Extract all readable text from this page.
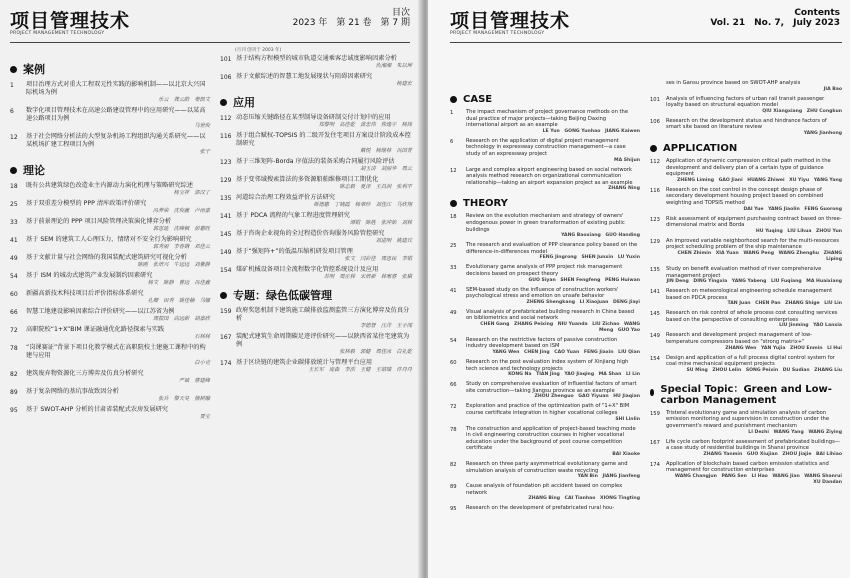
项目管理技术
PROJECT MANAGEMENT TECHNOLOGY
目次
2023 年　第 21 卷　第 7 期
(月刊 创刊于 2003 年)
案例
1	项目治理方式对重大工程双元性实践的影响机制——以北京大兴国际机场为例
乐云　龚云皓　姜凯文
6	数字化项目管理技术在高速公路建设管理中的应用研究——以某高速公路项目为例
马世俊
12	基于社会网络分析法的大型复杂机场工程组织沟通关系研究——以某机场扩建工程项目为例
张宁
理论
18	既有公共建筑绿色改造业主内源动力演化机理与策略研究综述
杨宝祥　郭汉丁
25	基于双重差分模型的 PPP 清库政策评价研究
冯养荣　沈俊鑫　卢雨嘉
33	基于前景理论的 PPP 项目风险管理决策演化博弈分析
郭思延　沈峰枫　彭惠旺
41	基于 SEM 的建筑工人心理压力、情绪对不安全行为影响研究
郭秀丽　李春娥　邓佳云
49	基于文献计量与社会网络的我国装配式建筑研究可视化分析
陈刚　张培兴　牛远远　刘紫静
54	基于 ISM 的城动式建筑产业发展制约因素研究
杨文　陈静　曹远　冯佳鑫
60	新疆高新技术科技项目后评价指标体系研究
孔卿　田秀　姚佳楠　马娜
66	智慧工地建设影响因素综合评价研究——以江苏省为例
周振国　高远新　胡嘉欣
72	高职院校“1+X”BIM 课证融通优化路径探索与实践
石林林
78	“岗课赛证”背景下项目化教学模式在高职院校土建施工课程中的构建与应用
白小克
82	建筑废弃物资源化三方博弈及仿真分析研究
严斌　蔡建峰
89	基于复杂网络的基坑事故致因分析
张兵　黎天昊　熊树融
95	基于 SWOT-AHP 分析的甘肃省装配式农房发展研究
贾宝
101 基于结构方程模型的城市轨道交通乘客忠诚度影响因素分析
仇湘湘　朱以坤
106 基于文献综述的智慧工地发展现状与阻碍因素研究
杨建宏
应用
112 动态压缩关键路径在某型制导设备研制交付计划中的应用
郑黎明　高佳乾　黄忠伟　徐逸宇　杨扬
116 基于组合赋权-TOPSIS 的二级开发住宅项目方案设计阶段成本控制研究
戴悦　杨继林　冯国菁
123 基于三维矩阵-Borda 序值法的装备采购合同履行风险评估
胡玉清　刘丽华　周云
129 基于变邻域搜索算法的多资源船舶维修项目工期优化
陈志毅　夏泽　王昌润　张利平
135 河道综合治理工程效益评价方法研究
斯德惠　丁晓霞　杨翠珍　刘佳江　马欣翔
141 基于 PDCA 流程的气象工程进度管理研究
谭娟　陈胜　张冲焰　刘林
145 基于咨询企业视角的全过程造价咨询服务风险管控研究
刘进明　姚建宾
149 基于“强矩阵+”的低温压缩机研发项目管理
张文　闫彩佳　周思民　李娟
154 煤矿机械设备项目全流程数字化管控系统设计及应用
苏明　周正林　宋培新　林寒睿　张棋
专题：绿色低碳管理
159 政府奖惩机制下建筑施工碳排放监测监管三方演化博弈及仿真分析
李德智　汪洋　王子闻
167 装配式建筑生命周期碳足迹评价研究——以陕西省某住宅建筑为例
张林毅　郭健　周佳冰　白礼乾
174 基于区块链的建筑企业碳排放统计与管理平台应用
王长军　庞森　李浩　王健　王婧瑞　许丹丹
项目管理技术
PROJECT MANAGEMENT TECHNOLOGY
Contents
Vol. 21　No. 7,　July 2023
CASE
1	The impact mechanism of project governance methods on the dual practice of major projects—taking Beijing Daxing international airport as an example
LE Yun　GONG Yunhao　JIANG Kaiwen
6	Research on the application of digital project management technology in expressway construction management—a case study of an expressway project
MA Shijun
12	Large and complex airport engineering based on social network analysis method research on organizational communication relationship—taking an airport expansion project as an example
ZHANG Ning
THEORY
18	Review on the evolution mechanism and strategy of owners' endogenous power in green transformation of existing public buildings
YANG Baoxiang　GUO Handing
25	The research and evaluation of PPP clearance policy based on the difference-in-differences model
FENG Jingrong　SHEN Junxin　LU Yuxin
33	Evolutionary game analysis of PPP project risk management decisions based on prospect theory
GUO Siyan　SHEN Fengfeng　PENG Huiwan
41	SEM-based study on the influence of construction workers' psychological stress and emotion on unsafe behavior
ZHENG Shengkang　LI Xiaojuan　DENG Jiayi
49	Visual analysis of prefabricated building research in China based on bibliometrics and social network
CHEN Gang　ZHANG Peixing　NIU Yuanda　LIU Zichao　WANG Meng　GUO Yao
54	Research on the restrictive factors of passive construction industry development based on ISM
YANG Wen　CHEN Jing　CAO Yuan　FENG Jiaxin　LIU Qian
60	Research on the post evaluation index system of Xinjiang high tech science and technology projects
KONG Na　TIAN Jing　YAO Jiaqing　MA Shan　LI Lin
66	Study on comprehensive evaluation of influential factors of smart site construction—taking Jiangsu province as an example
ZHOU Zhenguo　GAO Yiyuan　HU Jiaqian
72	Exploration and practice of the optimization path of "1+X" BIM course certificate integration in higher vocational colleges
SHI Linlin
78	The construction and application of project-based teaching mode in civil engineering construction courses in higher vocational education under the background of post course competition certificate
BAI Xiaoke
82	Research on three party asymmetrical evolutionary game and simulation analysis of construction waste recycling
YAN Bin　JIANG Jianfeng
89	Cause analysis of foundation pit accident based on complex network
ZHANG Bing　CAI Tianhao　XIONG Tingting
95	Research on the development of prefabricated rural hou-
ses in Gansu province based on SWOT-AHP analysis
JIA Bao
101	Analysis of influencing factors of urban rail transit passenger loyalty based on structural equation model
QIU Xiangxiang　ZHU Congkun
106	Research on the development status and hindrance factors of smart site based on literature review
YANG Jianhong
APPLICATION
112	Application of dynamic compression critical path method in the development and delivery plan of a certain type of guidance equipment
ZHENG Liming　GAO Jiani　HUANG Zhiwei　XU Yiyu　YANG Yang
116	Research on the cost control in the concept design phase of secondary development housing project based on combined weighting and TOPSIS method
DAI Yue　YANG Jiaolin　FENG Guorong
123	Risk assessment of equipment purchasing contract based on three-dimensional matrix and Borda
HU Yuqing　LIU Lihua　ZHOU Yun
129	An improved variable neighborhood search for the multi-resources project scheduling problem of the ship maintenance
CHEN Zhimin　XIA Yuan　WANG Peng　WANG Zhenghu　ZHANG Liping
135	Study on benefit evaluation method of river comprehensive management project
JIN Deng　DING Yingxia　YANG Yabeng　LIU Fuqiang　MA Huaixiang
141	Research on meteorological engineering schedule management based on PDCA process
TAN Juan　CHEN Pan　ZHANG Shige　LIU Lin
145	Research on risk control of whole process cost consulting services based on the perspective of consulting enterprises
LIU Jinming　YAO Lanxia
149	Research and development project management of low-temperature compressors based on "strong matrix+"
ZHANG Wen　YAN Yujia　ZHOU Enmin　LI Hui
154	Design and application of a full process digital control system for coal mine mechanical equipment projects
SU Ming　ZHOU Lelin　SONG Peixin　DU Sudian　ZHANG Liu
Special Topic：Green and Low-carbon Management
159	Tristeral evolutionary game and simulation analysis of carbon emission monitoring and supervision in construction under the government's reward and punishment mechanism
LI Dezhi　WANG Yang　WANG Ziying
167	Life cycle carbon footprint assessment of prefabricated buildings—a case study of residential buildings in Shanxi province
ZHANG Yanmin　GUO Xiujian　ZHOU Jiajie　BAI Lihiao
174	Application of blockchain based carbon emission statistics and management for construction enterprises
WANG Changjun　PANG Sen　LI Hao　WANG Jian　WANG Shanrui　XU Dandan
